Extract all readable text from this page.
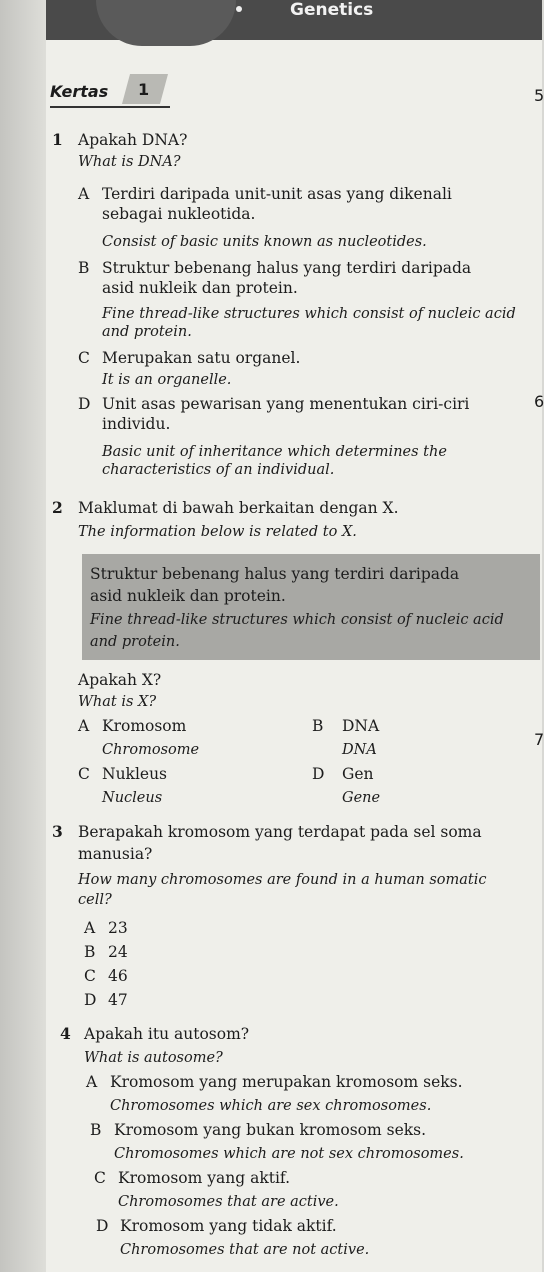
Genetics
Kertas 1	5
6
7
1 Apakah DNA?
What is DNA?
A Terdiri daripada unit-unit asas yang dikenali
sebagai nukleotida.
Consist of basic units known as nucleotides.
B Struktur bebenang halus yang terdiri daripada
asid nukleik dan protein.
Fine thread-like structures which consist of nucleic acid
and protein.
C Merupakan satu organel.
It is an organelle.
D Unit asas pewarisan yang menentukan ciri-ciri
individu.
Basic unit of inheritance which determines the
characteristics of an individual.
2 Maklumat di bawah berkaitan dengan X.
The information below is related to X.
Struktur bebenang halus yang terdiri daripada
asid nukleik dan protein.
Fine thread-like structures which consist of nucleic acid
and protein.
Apakah X?
What is X?
A Kromosom
Chromosome
B DNA
DNA
C Nukleus
Nucleus
D Gen
Gene
3 Berapakah kromosom yang terdapat pada sel soma
manusia?
How many chromosomes are found in a human somatic
cell?
A 23
B 24
C 46
D 47
4 Apakah itu autosom?
What is autosome?
A Kromosom yang merupakan kromosom seks.
Chromosomes which are sex chromosomes.
B Kromosom yang bukan kromosom seks.
Chromosomes which are not sex chromosomes.
C Kromosom yang aktif.
Chromosomes that are active.
D Kromosom yang tidak aktif.
Chromosomes that are not active.
